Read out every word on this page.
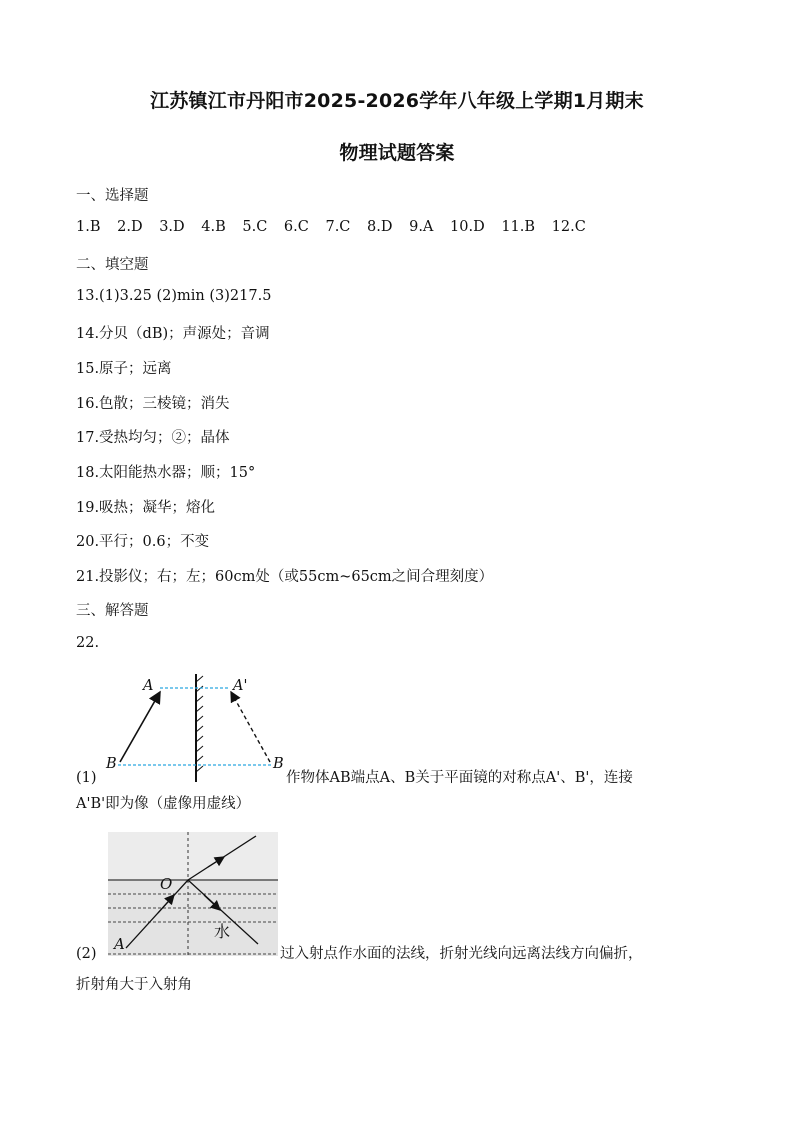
江苏镇江市丹阳市2025-2026学年八年级上学期1月期末
物理试题答案
一、选择题
1.B 2.D 3.D 4.B 5.C 6.C 7.C 8.D 9.A 10.D 11.B 12.C
二、填空题
13.(1)3.25 (2)min (3)217.5
14.分贝（dB)；声源处；音调
15.原子；远离
16.色散；三棱镜；消失
17.受热均匀；②；晶体
18.太阳能热水器；顺；15°
19.吸热；凝华；熔化
20.平行；0.6；不变
21.投影仪；右；左；60cm处（或55cm~65cm之间合理刻度）
三、解答题
22.
A	A'
B	B
(1)	作物体AB端点A、B关于平面镜的对称点A'、B'，连接
A'B'即为像（虚像用虚线）
O
A
水
(2)	过入射点作水面的法线，折射光线向远离法线方向偏折，
折射角大于入射角
